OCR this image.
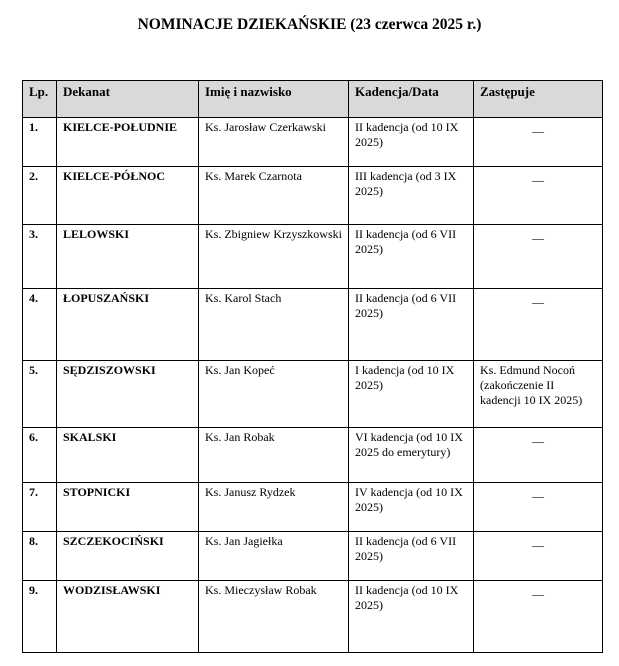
NOMINACJE DZIEKAŃSKIE (23 czerwca 2025 r.)
Lp.	Dekanat	Imię i nazwisko	Kadencja/Data	Zastępuje
1.	KIELCE-POŁUDNIE	Ks. Jarosław Czerkawski	II kadencja (od 10 IX 2025)	—

2.	KIELCE-PÓŁNOC	Ks. Marek Czarnota	III kadencja (od 3 IX 2025)	—

3.	LELOWSKI	Ks. Zbigniew Krzyszkowski	II kadencja (od 6 VII 2025)	—

4.	ŁOPUSZAŃSKI	Ks. Karol Stach	II kadencja (od 6 VII 2025)	—

5.	SĘDZISZOWSKI	Ks. Jan Kopeć	I kadencja (od 10 IX 2025)	Ks. Edmund Nocoń (zakończenie II kadencji 10 IX 2025)
6.	SKALSKI	Ks. Jan Robak	VI kadencja (od 10 IX 2025 do emerytury)	—

7.	STOPNICKI	Ks. Janusz Rydzek	IV kadencja (od 10 IX 2025)	—

8.	SZCZEKOCIŃSKI	Ks. Jan Jagiełka	II kadencja (od 6 VII 2025)	—

9.	WODZISŁAWSKI	Ks. Mieczysław Robak	II kadencja (od 10 IX 2025)	—
